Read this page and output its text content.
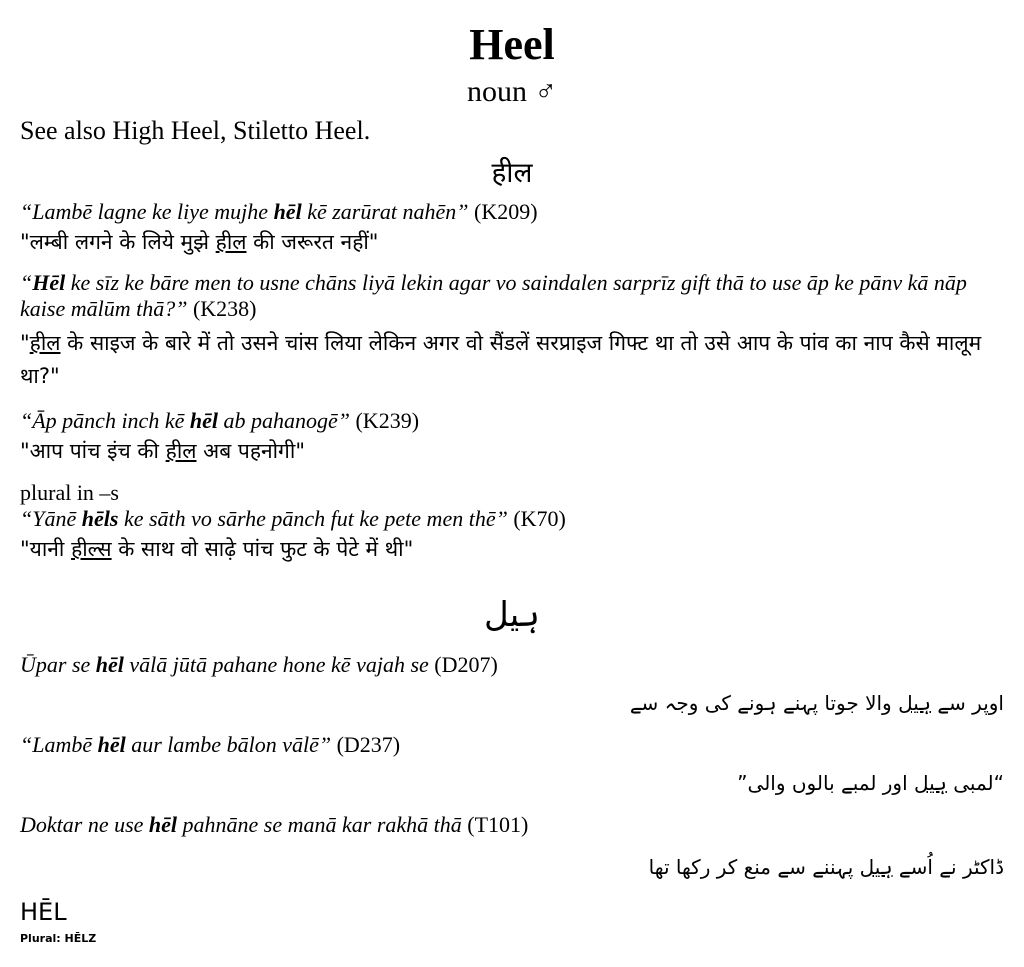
Heel
noun ♂
See also High Heel, Stiletto Heel.
हील
“Lambē lagne ke liye mujhe hēl kē zarūrat nahēn” (K209)
"लम्बी लगने के लिये मुझे हील की जरूरत नहीं"
“Hēl ke sīz ke bāre men to usne chāns liyā lekin agar vo saindalen sarprīz gift thā to use āp ke pānv kā nāp kaise mālūm thā?” (K238)
"हील के साइज के बारे में तो उसने चांस लिया लेकिन अगर वो सैंडलें सरप्राइज गिफ्ट था तो उसे आप के पांव का नाप कैसे मालूम था?"
“Āp pānch inch kē hēl ab pahanogē” (K239)
"आप पांच इंच की हील अब पहनोगी"
plural in –s
“Yānē hēls ke sāth vo sārhe pānch fut ke pete men thē” (K70)
"यानी हील्स के साथ वो साढ़े पांच फुट के पेटे में थी"
ہیل
Ūpar se hēl vālā jūtā pahane hone kē vajah se (D207)
اوپر سے ہیل والا جوتا پہنے ہونے کی وجہ سے
“Lambē hēl aur lambe bālon vālē” (D237)
“لمبی ہیل اور لمبے بالوں والی”
Doktar ne use hēl pahnāne se manā kar rakhā thā (T101)
ڈاکٹر نے اُسے ہیل پہننے سے منع کر رکھا تھا
HĒL
Plural: HĒLZ
